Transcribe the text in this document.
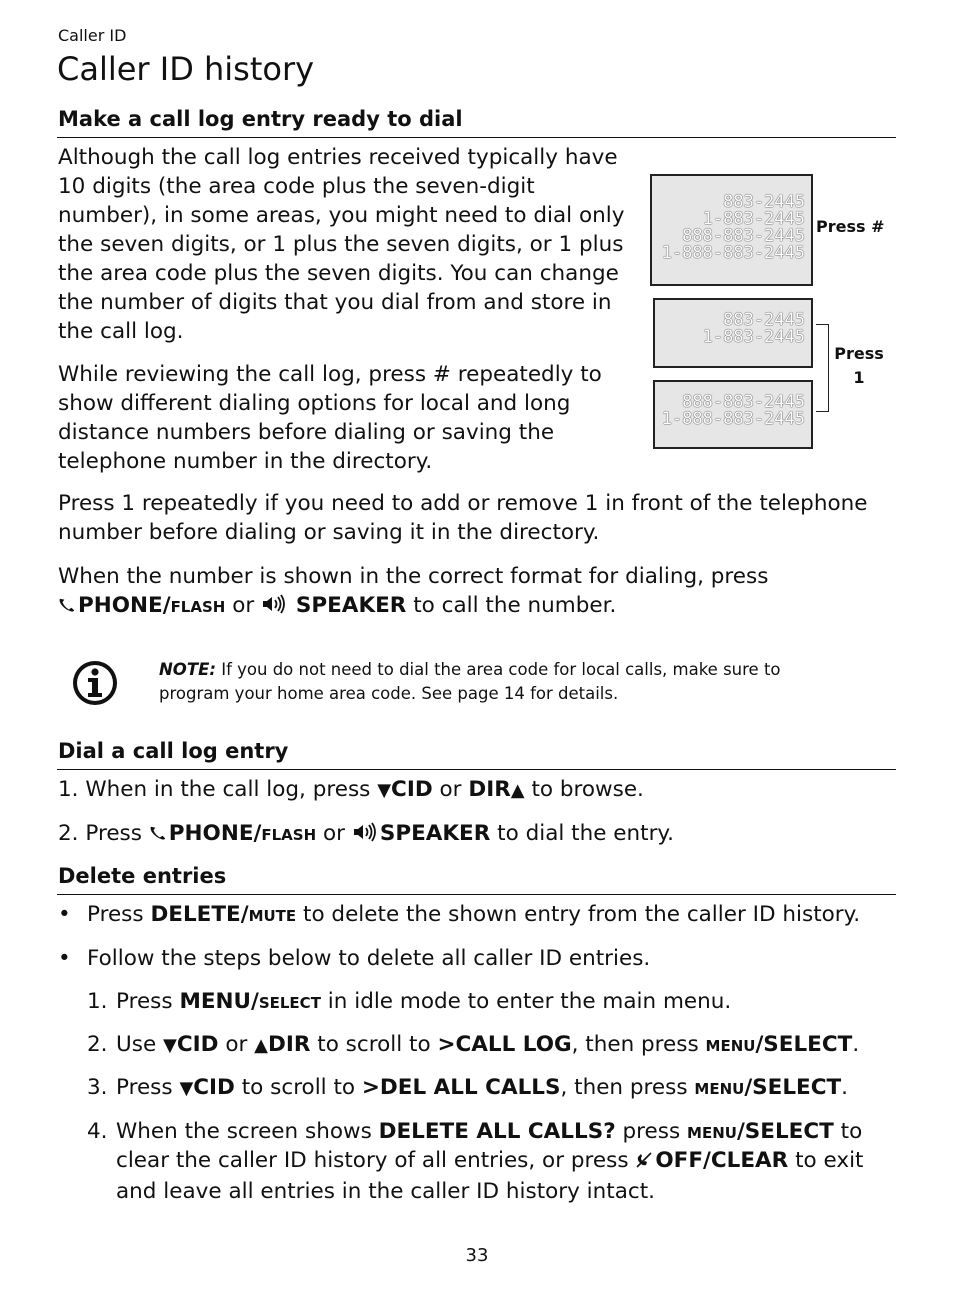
Caller ID
Caller ID history
Make a call log entry ready to dial

Although the call log entries received typically have 10 digits (the area code plus the seven-digit number), in some areas, you might need to dial only the seven digits, or 1 plus the seven digits, or 1 plus the area code plus the seven digits. You can change the number of digits that you dial from and store in the call log.

While reviewing the call log, press # repeatedly to show different dialing options for local and long distance numbers before dialing or saving the telephone number in the directory.

Press 1 repeatedly if you need to add or remove 1 in front of the telephone number before dialing or saving it in the directory.

When the number is shown in the correct format for dialing, press
PHONE/flash or SPEAKER to call the number.
883-2445
1-883-2445
888-883-2445
1-888-883-2445
Press #
883-2445
1-883-2445
888-883-2445
1-888-883-2445
Press
1
NOTE: If you do not need to dial the area code for local calls, make sure to program your home area code. See page 14 for details.
Dial a call log entry
1. When in the call log, press ▼CID or DIR▲ to browse.
2. Press PHONE/flash or SPEAKER to dial the entry.
Delete entries
• Press DELETE/mute to delete the shown entry from the caller ID history.
• Follow the steps below to delete all caller ID entries.
1. Press MENU/select in idle mode to enter the main menu.
2. Use ▼CID or ▲DIR to scroll to >CALL LOG, then press menu/SELECT.
3. Press ▼CID to scroll to >DEL ALL CALLS, then press menu/SELECT.
4. When the screen shows DELETE ALL CALLS? press menu/SELECT to clear the caller ID history of all entries, or press OFF/CLEAR to exit and leave all entries in the caller ID history intact.
33
